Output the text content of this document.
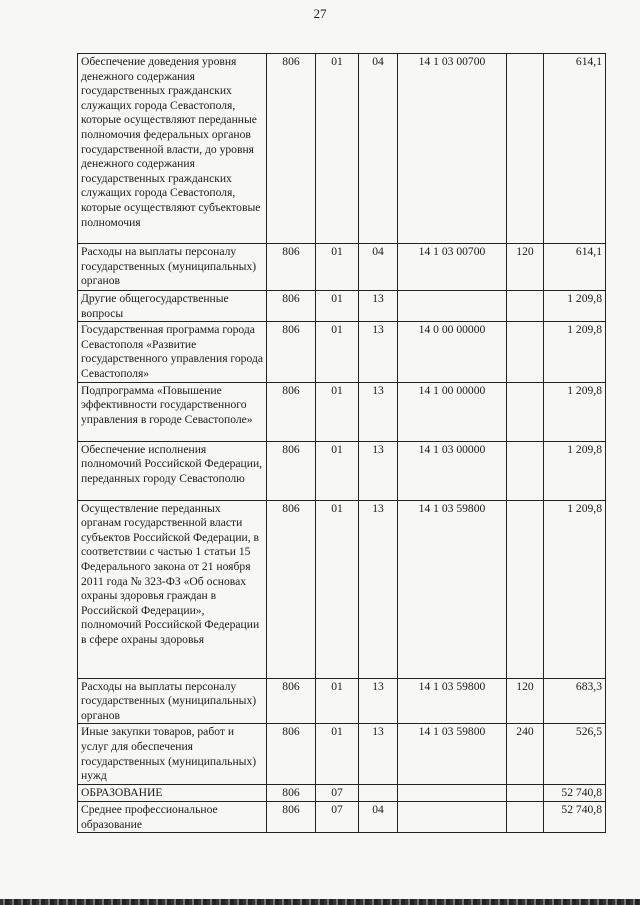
27
Обеспечение доведения уровня денежного содержания государственных гражданских служащих города Севастополя, которые осуществляют переданные полномочия федеральных органов государственной власти, до уровня денежного содержания государственных гражданских служащих города Севастополя, которые осуществляют субъектовые полномочия	806	01	04	14 1 03 00700		614,1
Расходы на выплаты персоналу государственных (муниципальных) органов	806	01	04	14 1 03 00700	120	614,1
Другие общегосударственные вопросы	806	01	13			1 209,8
Государственная программа города Севастополя «Развитие государственного управления города Севастополя»	806	01	13	14 0 00 00000		1 209,8
Подпрограмма «Повышение эффективности государственного управления в городе Севастополе»	806	01	13	14 1 00 00000		1 209,8
Обеспечение исполнения полномочий Российской Федерации, переданных городу Севастополю	806	01	13	14 1 03 00000		1 209,8
Осуществление переданных органам государственной власти субъектов Российской Федерации, в соответствии с частью 1 статьи 15 Федерального закона от 21 ноября 2011 года № 323-ФЗ «Об основах охраны здоровья граждан в Российской Федерации», полномочий Российской Федерации в сфере охраны здоровья	806	01	13	14 1 03 59800		1 209,8
Расходы на выплаты персоналу государственных (муниципальных) органов	806	01	13	14 1 03 59800	120	683,3
Иные закупки товаров, работ и услуг для обеспечения государственных (муниципальных) нужд	806	01	13	14 1 03 59800	240	526,5
ОБРАЗОВАНИЕ	806	07				52 740,8
Среднее профессиональное образование	806	07	04			52 740,8
